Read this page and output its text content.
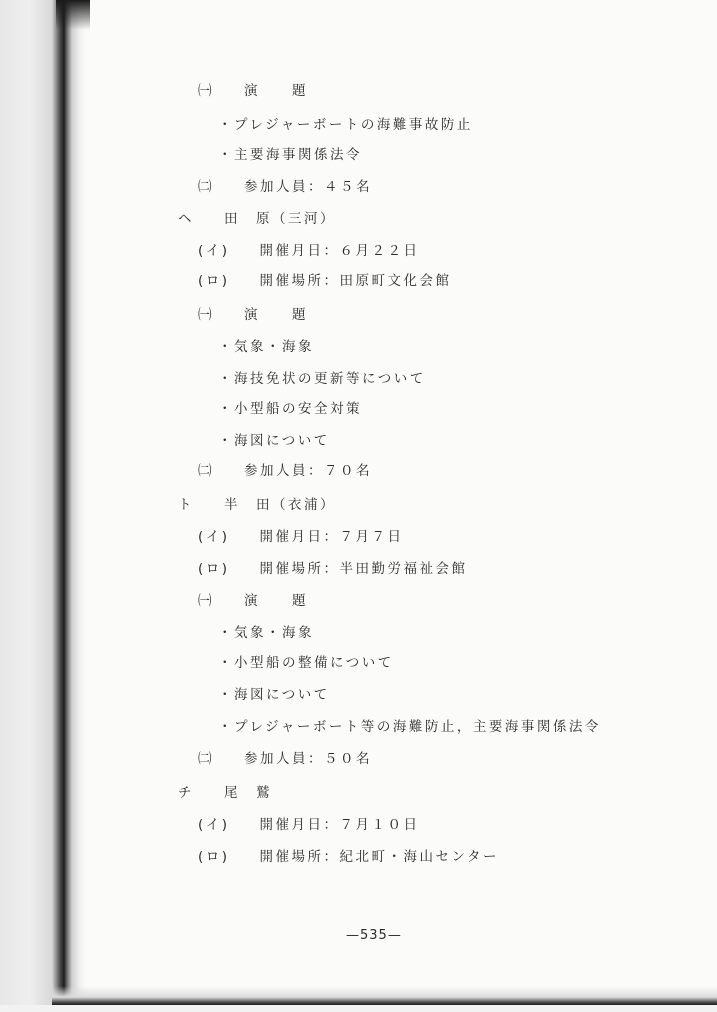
㈠ 演　　題
・プレジャーボートの海難事故防止
・主要海事関係法令
㈡ 参加人員：４５名
ヘ 田　原（三河）
(イ) 開催月日：６月２２日
(ロ) 開催場所：田原町文化会館
㈠ 演　　題
・気象・海象
・海技免状の更新等について
・小型船の安全対策
・海図について
㈡ 参加人員：７０名
ト 半　田（衣浦）
(イ) 開催月日：７月７日
(ロ) 開催場所：半田勤労福祉会館
㈠ 演　　題
・気象・海象
・小型船の整備について
・海図について
・プレジャーボート等の海難防止，主要海事関係法令
㈡ 参加人員：５０名
チ 尾　鷲
(イ) 開催月日：７月１０日
(ロ) 開催場所：紀北町・海山センター
—535—
